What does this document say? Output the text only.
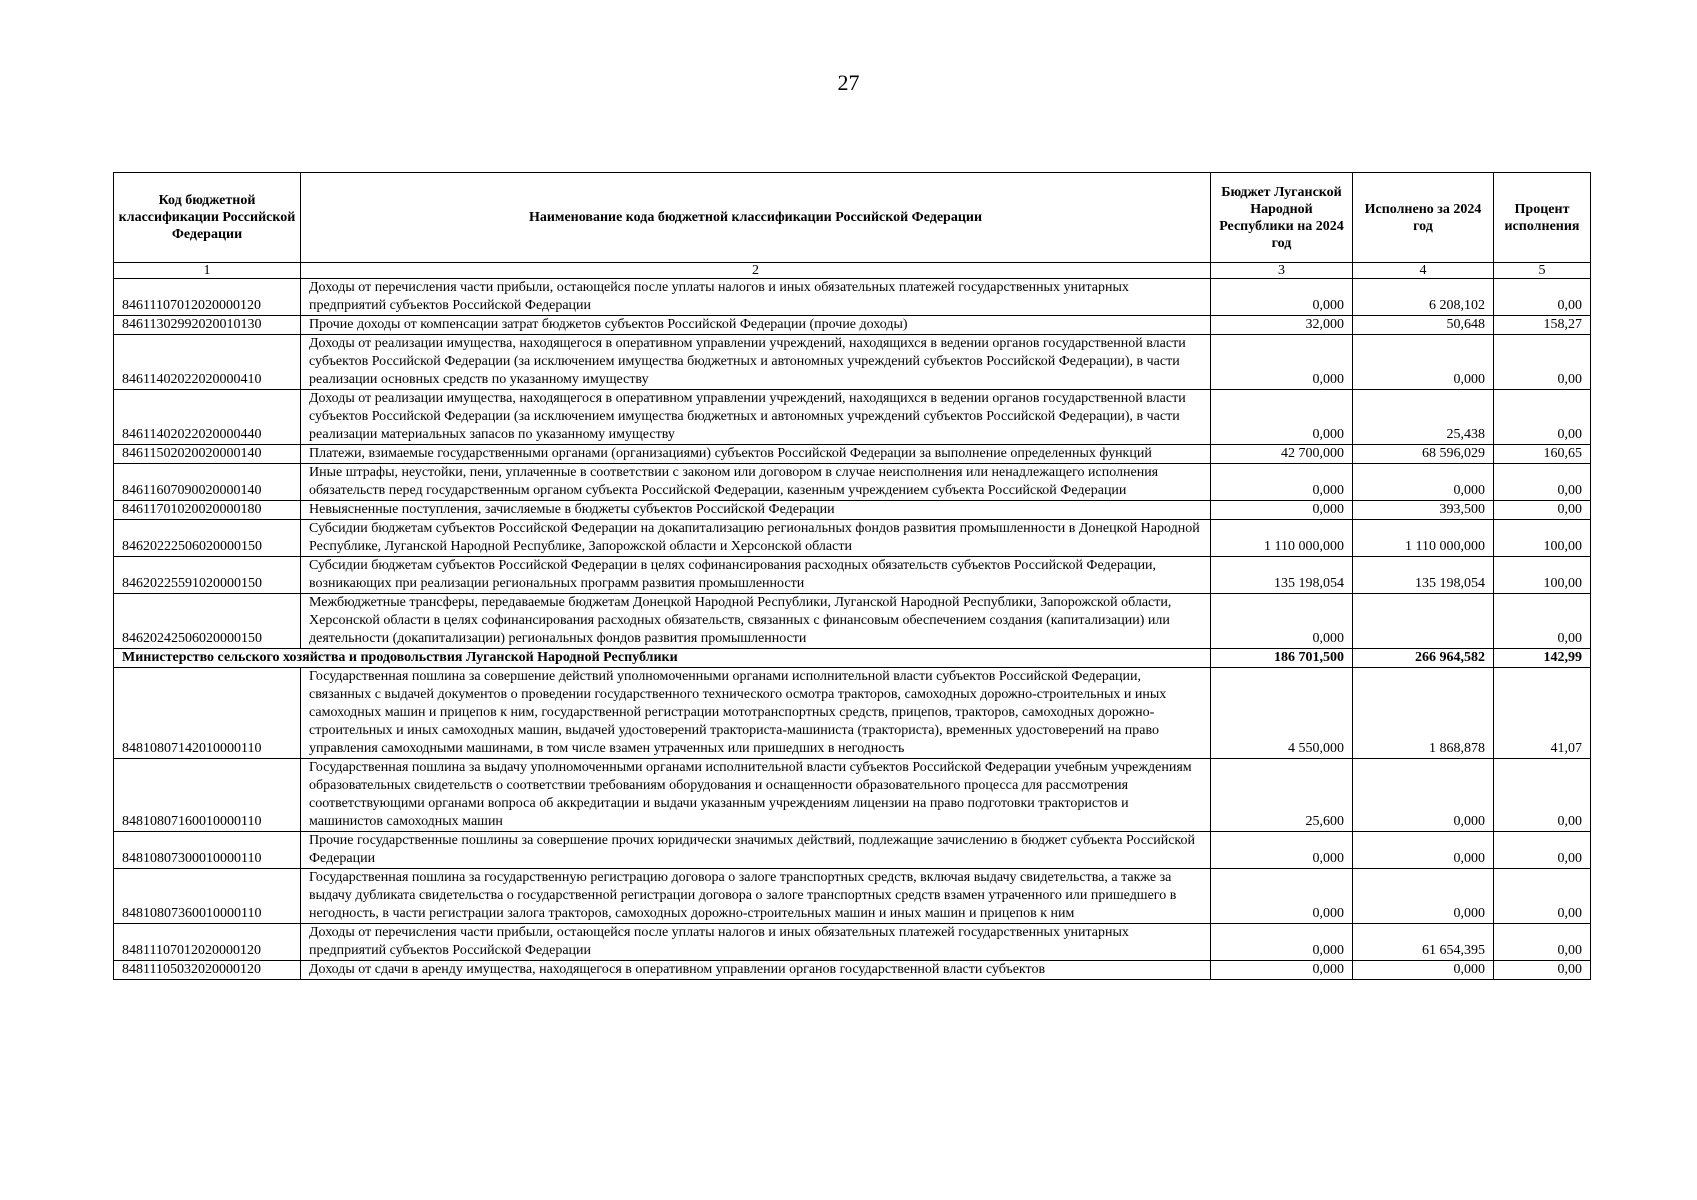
27
Код бюджетной классификации Российской Федерации	Наименование кода бюджетной классификации Российской Федерации	Бюджет Луганской Народной Республики на 2024 год	Исполнено за 2024 год	Процент исполнения
1	2	3	4	5
84611107012020000120	Доходы от перечисления части прибыли, остающейся после уплаты налогов и иных обязательных платежей государственных унитарных предприятий субъектов Российской Федерации	0,000	6 208,102	0,00
84611302992020010130	Прочие доходы от компенсации затрат бюджетов субъектов Российской Федерации (прочие доходы)	32,000	50,648	158,27
84611402022020000410	Доходы от реализации имущества, находящегося в оперативном управлении учреждений, находящихся в ведении органов государственной власти субъектов Российской Федерации (за исключением имущества бюджетных и автономных учреждений субъектов Российской Федерации), в части реализации основных средств по указанному имуществу	0,000	0,000	0,00
84611402022020000440	Доходы от реализации имущества, находящегося в оперативном управлении учреждений, находящихся в ведении органов государственной власти субъектов Российской Федерации (за исключением имущества бюджетных и автономных учреждений субъектов Российской Федерации), в части реализации материальных запасов по указанному имуществу	0,000	25,438	0,00
84611502020020000140	Платежи, взимаемые государственными органами (организациями) субъектов Российской Федерации за выполнение определенных функций	42 700,000	68 596,029	160,65
84611607090020000140	Иные штрафы, неустойки, пени, уплаченные в соответствии с законом или договором в случае неисполнения или ненадлежащего исполнения обязательств перед государственным органом субъекта Российской Федерации, казенным учреждением субъекта Российской Федерации	0,000	0,000	0,00
84611701020020000180	Невыясненные поступления, зачисляемые в бюджеты субъектов Российской Федерации	0,000	393,500	0,00
84620222506020000150	Субсидии бюджетам субъектов Российской Федерации на докапитализацию региональных фондов развития промышленности в Донецкой Народной Республике, Луганской Народной Республике, Запорожской области и Херсонской области	1 110 000,000	1 110 000,000	100,00
84620225591020000150	Субсидии бюджетам субъектов Российской Федерации в целях софинансирования расходных обязательств субъектов Российской Федерации, возникающих при реализации региональных программ развития промышленности	135 198,054	135 198,054	100,00
84620242506020000150	Межбюджетные трансферы, передаваемые бюджетам Донецкой Народной Республики, Луганской Народной Республики, Запорожской области, Херсонской области в целях софинансирования расходных обязательств, связанных с финансовым обеспечением создания (капитализации) или деятельности (докапитализации) региональных фондов развития промышленности	0,000		0,00
Министерство сельского хозяйства и продовольствия Луганской Народной Республики		186 701,500	266 964,582	142,99
84810807142010000110	Государственная пошлина за совершение действий уполномоченными органами исполнительной власти субъектов Российской Федерации, связанных с выдачей документов о проведении государственного технического осмотра тракторов, самоходных дорожно-строительных и иных самоходных машин и прицепов к ним, государственной регистрации мототранспортных средств, прицепов, тракторов, самоходных дорожно-строительных и иных самоходных машин, выдачей удостоверений тракториста-машиниста (тракториста), временных удостоверений на право управления самоходными машинами, в том числе взамен утраченных или пришедших в негодность	4 550,000	1 868,878	41,07
84810807160010000110	Государственная пошлина за выдачу уполномоченными органами исполнительной власти субъектов Российской Федерации учебным учреждениям образовательных свидетельств о соответствии требованиям оборудования и оснащенности образовательного процесса для рассмотрения соответствующими органами вопроса об аккредитации и выдачи указанным учреждениям лицензии на право подготовки трактористов и машинистов самоходных машин	25,600	0,000	0,00
84810807300010000110	Прочие государственные пошлины за совершение прочих юридически значимых действий, подлежащие зачислению в бюджет субъекта Российской Федерации	0,000	0,000	0,00
84810807360010000110	Государственная пошлина за государственную регистрацию договора о залоге транспортных средств, включая выдачу свидетельства, а также за выдачу дубликата свидетельства о государственной регистрации договора о залоге транспортных средств взамен утраченного или пришедшего в негодность, в части регистрации залога тракторов, самоходных дорожно-строительных машин и иных машин и прицепов к ним	0,000	0,000	0,00
84811107012020000120	Доходы от перечисления части прибыли, остающейся после уплаты налогов и иных обязательных платежей государственных унитарных предприятий субъектов Российской Федерации	0,000	61 654,395	0,00
84811105032020000120	Доходы от сдачи в аренду имущества, находящегося в оперативном управлении органов государственной власти субъектов	0,000	0,000	0,00
